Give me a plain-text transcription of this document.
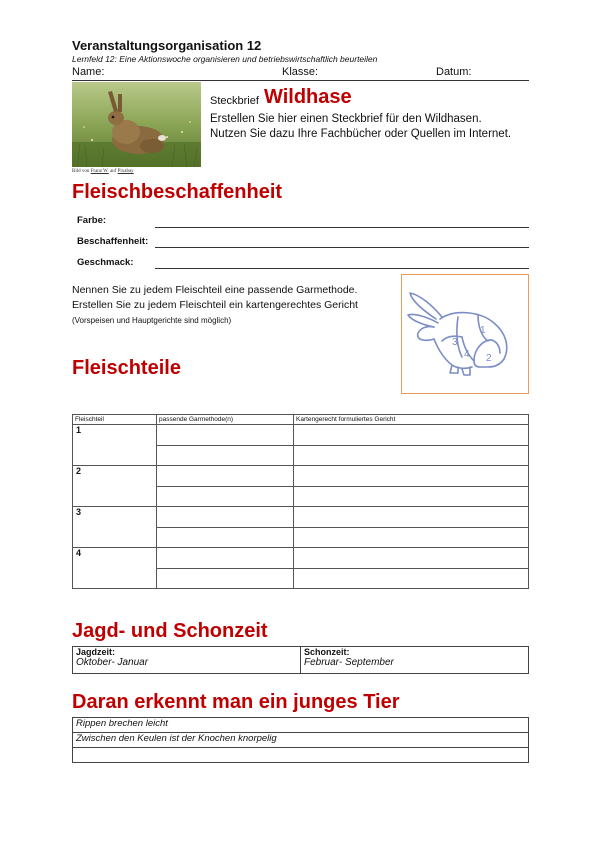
Veranstaltungsorganisation 12
Lernfeld 12: Eine Aktionswoche organisieren und betriebswirtschaftlich beurteilen
Name:	Klasse:	Datum:
Bild von Franz W. auf Pixabay
Steckbrief Wildhase
Erstellen Sie hier einen Steckbrief für den Wildhasen.
Nutzen Sie dazu Ihre Fachbücher oder Quellen im Internet.
Fleischbeschaffenheit
Farbe:
Beschaffenheit:
Geschmack:
Nennen Sie zu jedem Fleischteil eine passende Garmethode.
Erstellen Sie zu jedem Fleischteil ein kartengerechtes Gericht
(Vorspeisen und Hauptgerichte sind möglich)
1
2
3
4
Fleischteile
Fleischteil	passende Garmethode(n)	Kartengerecht formuliertes Gericht
1		

2		

3		

4		

Jagd- und Schonzeit
Jagdzeit:
Oktober- Januar

Schonzeit:
Februar- September
Daran erkennt man ein junges Tier
Rippen brechen leicht
Zwischen den Keulen ist der Knochen knorpelig
